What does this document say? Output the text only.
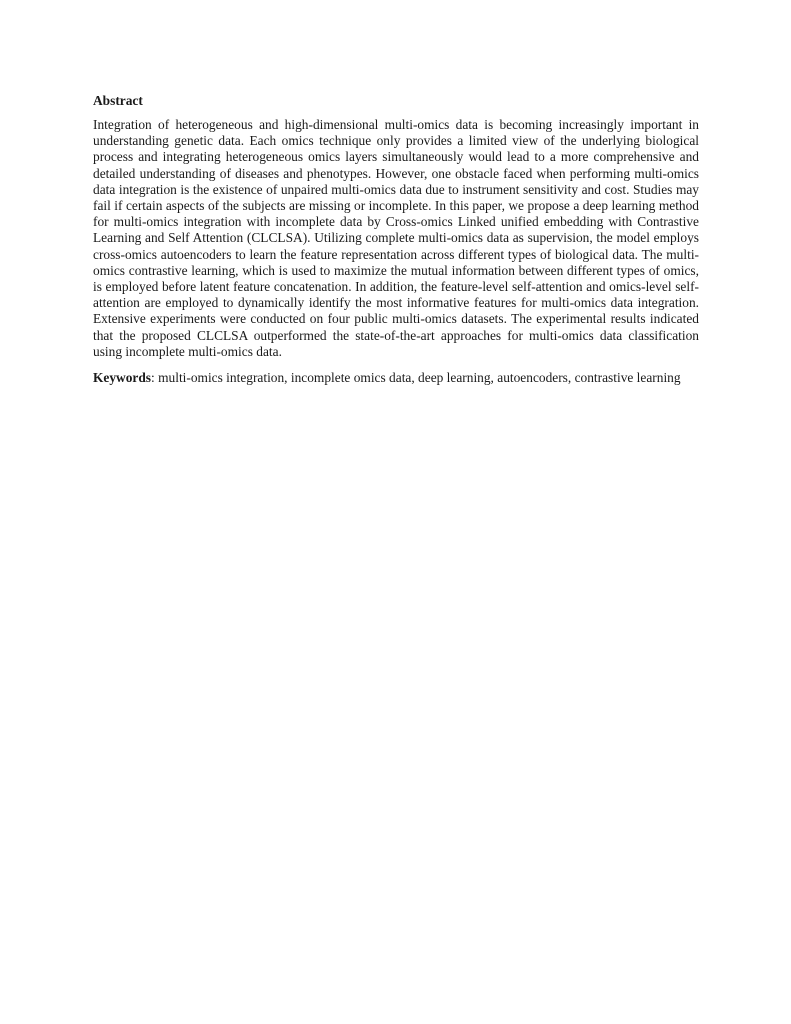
Abstract

Integration of heterogeneous and high-dimensional multi-omics data is becoming increasingly important in understanding genetic data. Each omics technique only provides a limited view of the underlying biological process and integrating heterogeneous omics layers simultaneously would lead to a more comprehensive and detailed understanding of diseases and phenotypes. However, one obstacle faced when performing multi-omics data integration is the existence of unpaired multi-omics data due to instrument sensitivity and cost. Studies may fail if certain aspects of the subjects are missing or incomplete. In this paper, we propose a deep learning method for multi-omics integration with incomplete data by Cross-omics Linked unified embedding with Contrastive Learning and Self Attention (CLCLSA). Utilizing complete multi-omics data as supervision, the model employs cross-omics autoencoders to learn the feature representation across different types of biological data. The multi-omics contrastive learning, which is used to maximize the mutual information between different types of omics, is employed before latent feature concatenation. In addition, the feature-level self-attention and omics-level self-attention are employed to dynamically identify the most informative features for multi-omics data integration. Extensive experiments were conducted on four public multi-omics datasets. The experimental results indicated that the proposed CLCLSA outperformed the state-of-the-art approaches for multi-omics data classification using incomplete multi-omics data.

Keywords: multi-omics integration, incomplete omics data, deep learning, autoencoders, contrastive learning
